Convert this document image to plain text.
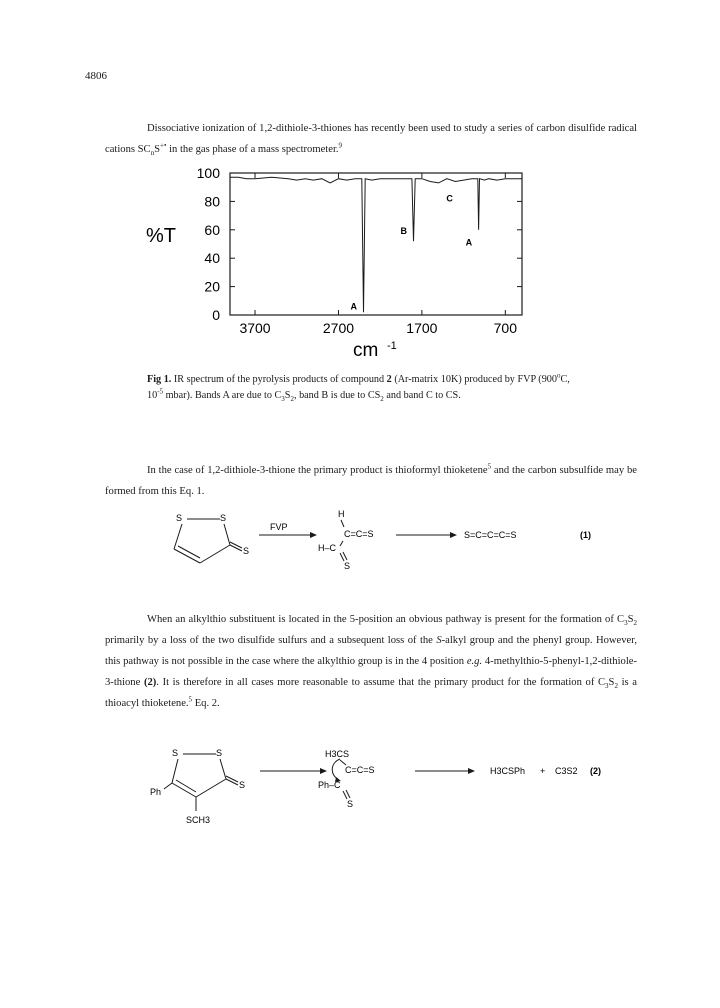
4806
Dissociative ionization of 1,2-dithiole-3-thiones has recently been used to study a series of carbon disulfide radical cations $SC_nS^{+•}$ in the gas phase of a mass spectrometer.$^9$
100
80
60
40
20
0
3700	2700	1700	700
A
B
C
A
%T
cm -1
Fig 1. IR spectrum of the pyrolysis products of compound 2 (Ar-matrix 10K) produced by FVP (900$^o$C, $10^{-5}$ mbar). Bands A are due to $C_3S_2$, band B is due to $CS_2$ and band C to CS.
In the case of 1,2-dithiole-3-thione the primary product is thioformyl thioketene$^5$ and the carbon subsulfide may be formed from this Eq. 1.
S	S
S
FVP
H
C=C=S
H–C
S
S=C=C=C=S	(1)
When an alkylthio substituent is located in the 5-position an obvious pathway is present for the formation of $C_3S_2$ primarily by a loss of the two disulfide sulfurs and a subsequent loss of the S-alkyl group and the phenyl group. However, this pathway is not possible in the case where the alkylthio group is in the 4 position e.g. 4-methylthio-5-phenyl-1,2-dithiole-3-thione (2). It is therefore in all cases more reasonable to assume that the primary product for the formation of $C_3S_2$ is a thioacyl thioketene.$^5$ Eq. 2.
S	S
S
Ph
SCH3
H3CS
C=C=S
Ph–C
S
H3CSPh + C3S2 (2)
